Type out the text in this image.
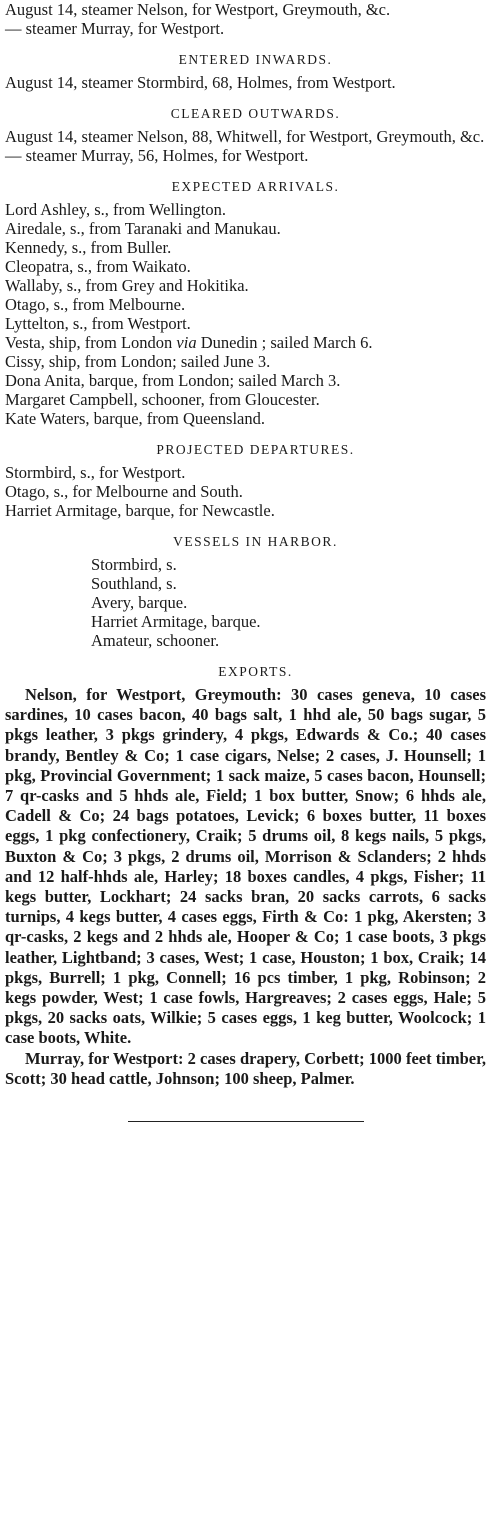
August 14, steamer Nelson, for Westport, Greymouth, &c.

— steamer Murray, for Westport.

ENTERED INWARDS.

August 14, steamer Stormbird, 68, Holmes, from Westport.

CLEARED OUTWARDS.

August 14, steamer Nelson, 88, Whitwell, for Westport, Greymouth, &c.

— steamer Murray, 56, Holmes, for Westport.

EXPECTED ARRIVALS.
Lord Ashley, s., from Wellington.
Airedale, s., from Taranaki and Manukau.
Kennedy, s., from Buller.
Cleopatra, s., from Waikato.
Wallaby, s., from Grey and Hokitika.
Otago, s., from Melbourne.
Lyttelton, s., from Westport.
Vesta, ship, from London via Dunedin ; sailed March 6.
Cissy, ship, from London; sailed June 3.
Dona Anita, barque, from London; sailed March 3.
Margaret Campbell, schooner, from Gloucester.
Kate Waters, barque, from Queensland.
PROJECTED DEPARTURES.
Stormbird, s., for Westport.
Otago, s., for Melbourne and South.
Harriet Armitage, barque, for Newcastle.
VESSELS IN HARBOR.
Stormbird, s.
Southland, s.
Avery, barque.
Harriet Armitage, barque.
Amateur, schooner.
EXPORTS.

Nelson, for Westport, Greymouth: 30 cases geneva, 10 cases sardines, 10 cases bacon, 40 bags salt, 1 hhd ale, 50 bags sugar, 5 pkgs leather, 3 pkgs grindery, 4 pkgs, Edwards & Co.; 40 cases brandy, Bentley & Co; 1 case cigars, Nelse; 2 cases, J. Hounsell; 1 pkg, Provincial Government; 1 sack maize, 5 cases bacon, Hounsell; 7 qr-casks and 5 hhds ale, Field; 1 box butter, Snow; 6 hhds ale, Cadell & Co; 24 bags potatoes, Levick; 6 boxes butter, 11 boxes eggs, 1 pkg confectionery, Craik; 5 drums oil, 8 kegs nails, 5 pkgs, Buxton & Co; 3 pkgs, 2 drums oil, Morrison & Sclanders; 2 hhds and 12 half-hhds ale, Harley; 18 boxes candles, 4 pkgs, Fisher; 11 kegs butter, Lockhart; 24 sacks bran, 20 sacks carrots, 6 sacks turnips, 4 kegs butter, 4 cases eggs, Firth & Co: 1 pkg, Akersten; 3 qr-casks, 2 kegs and 2 hhds ale, Hooper & Co; 1 case boots, 3 pkgs leather, Lightband; 3 cases, West; 1 case, Houston; 1 box, Craik; 14 pkgs, Burrell; 1 pkg, Connell; 16 pcs timber, 1 pkg, Robinson; 2 kegs powder, West; 1 case fowls, Hargreaves; 2 cases eggs, Hale; 5 pkgs, 20 sacks oats, Wilkie; 5 cases eggs, 1 keg butter, Woolcock; 1 case boots, White.

Murray, for Westport: 2 cases drapery, Corbett; 1000 feet timber, Scott; 30 head cattle, Johnson; 100 sheep, Palmer.
